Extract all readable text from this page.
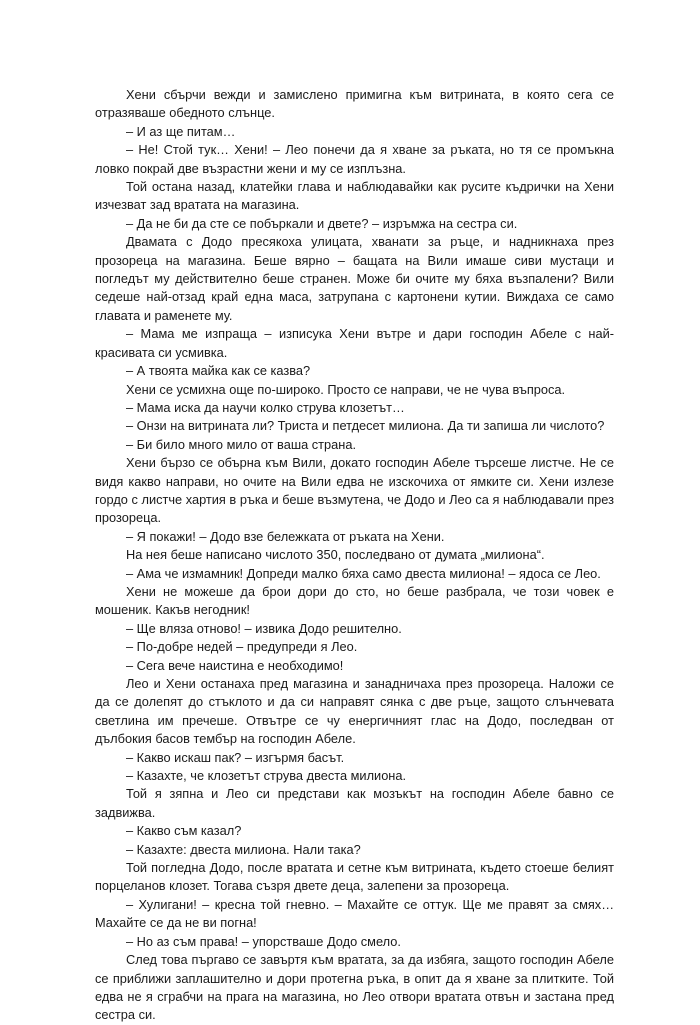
Хени сбърчи вежди и замислено примигна към витрината, в която сега се отразяваше обедното слънце.

– И аз ще питам…

– Не! Стой тук… Хени! – Лео понечи да я хване за ръката, но тя се промъкна ловко покрай две възрастни жени и му се изплъзна.

Той остана назад, клатейки глава и наблюдавайки как русите къдрички на Хени изчезват зад вратата на магазина.

– Да не би да сте се побъркали и двете? – изръмжа на сестра си.

Двамата с Додо пресякоха улицата, хванати за ръце, и надникнаха през прозореца на магазина. Беше вярно – бащата на Вили имаше сиви мустаци и погледът му действително беше странен. Може би очите му бяха възпалени? Вили седеше най-отзад край една маса, затрупана с картонени кутии. Виждаха се само главата и раменете му.

– Мама ме изпраща – изписука Хени вътре и дари господин Абеле с най-красивата си усмивка.

– А твоята майка как се казва?

Хени се усмихна още по-широко. Просто се направи, че не чува въпроса.

– Мама иска да научи колко струва клозетът…

– Онзи на витрината ли? Триста и петдесет милиона. Да ти запиша ли числото?

– Би било много мило от ваша страна.

Хени бързо се обърна към Вили, докато господин Абеле търсеше листче. Не се видя какво направи, но очите на Вили едва не изскочиха от ямките си. Хени излезе гордо с листче хартия в ръка и беше възмутена, че Додо и Лео са я наблюдавали през прозореца.

– Я покажи! – Додо взе бележката от ръката на Хени.

На нея беше написано числото 350, последвано от думата „милиона“.

– Ама че измамник! Допреди малко бяха само двеста милиона! – ядоса се Лео.

Хени не можеше да брои дори до сто, но беше разбрала, че този човек е мошеник. Какъв негодник!

– Ще вляза отново! – извика Додо решително.

– По-добре недей – предупреди я Лео.

– Сега вече наистина е необходимо!

Лео и Хени останаха пред магазина и занадничаха през прозореца. Наложи се да се долепят до стъклото и да си направят сянка с две ръце, защото слънчевата светлина им пречеше. Отвътре се чу енергичният глас на Додо, последван от дълбокия басов тембър на господин Абеле.

– Какво искаш пак? – изгърмя басът.

– Казахте, че клозетът струва двеста милиона.

Той я зяпна и Лео си представи как мозъкът на господин Абеле бавно се задвижва.

– Какво съм казал?

– Казахте: двеста милиона. Нали така?

Той погледна Додо, после вратата и сетне към витрината, където стоеше белият порцеланов клозет. Тогава съзря двете деца, залепени за прозореца.

– Хулигани! – кресна той гневно. – Махайте се оттук. Ще ме правят за смях… Махайте се да не ви погна!

– Но аз съм права! – упорстваше Додо смело.

След това пъргаво се завъртя към вратата, за да избяга, защото господин Абеле се приближи заплашително и дори протегна ръка, в опит да я хване за плитките. Той едва не я сграбчи на прага на магазина, но Лео отвори вратата отвън и застана пред сестра си.
